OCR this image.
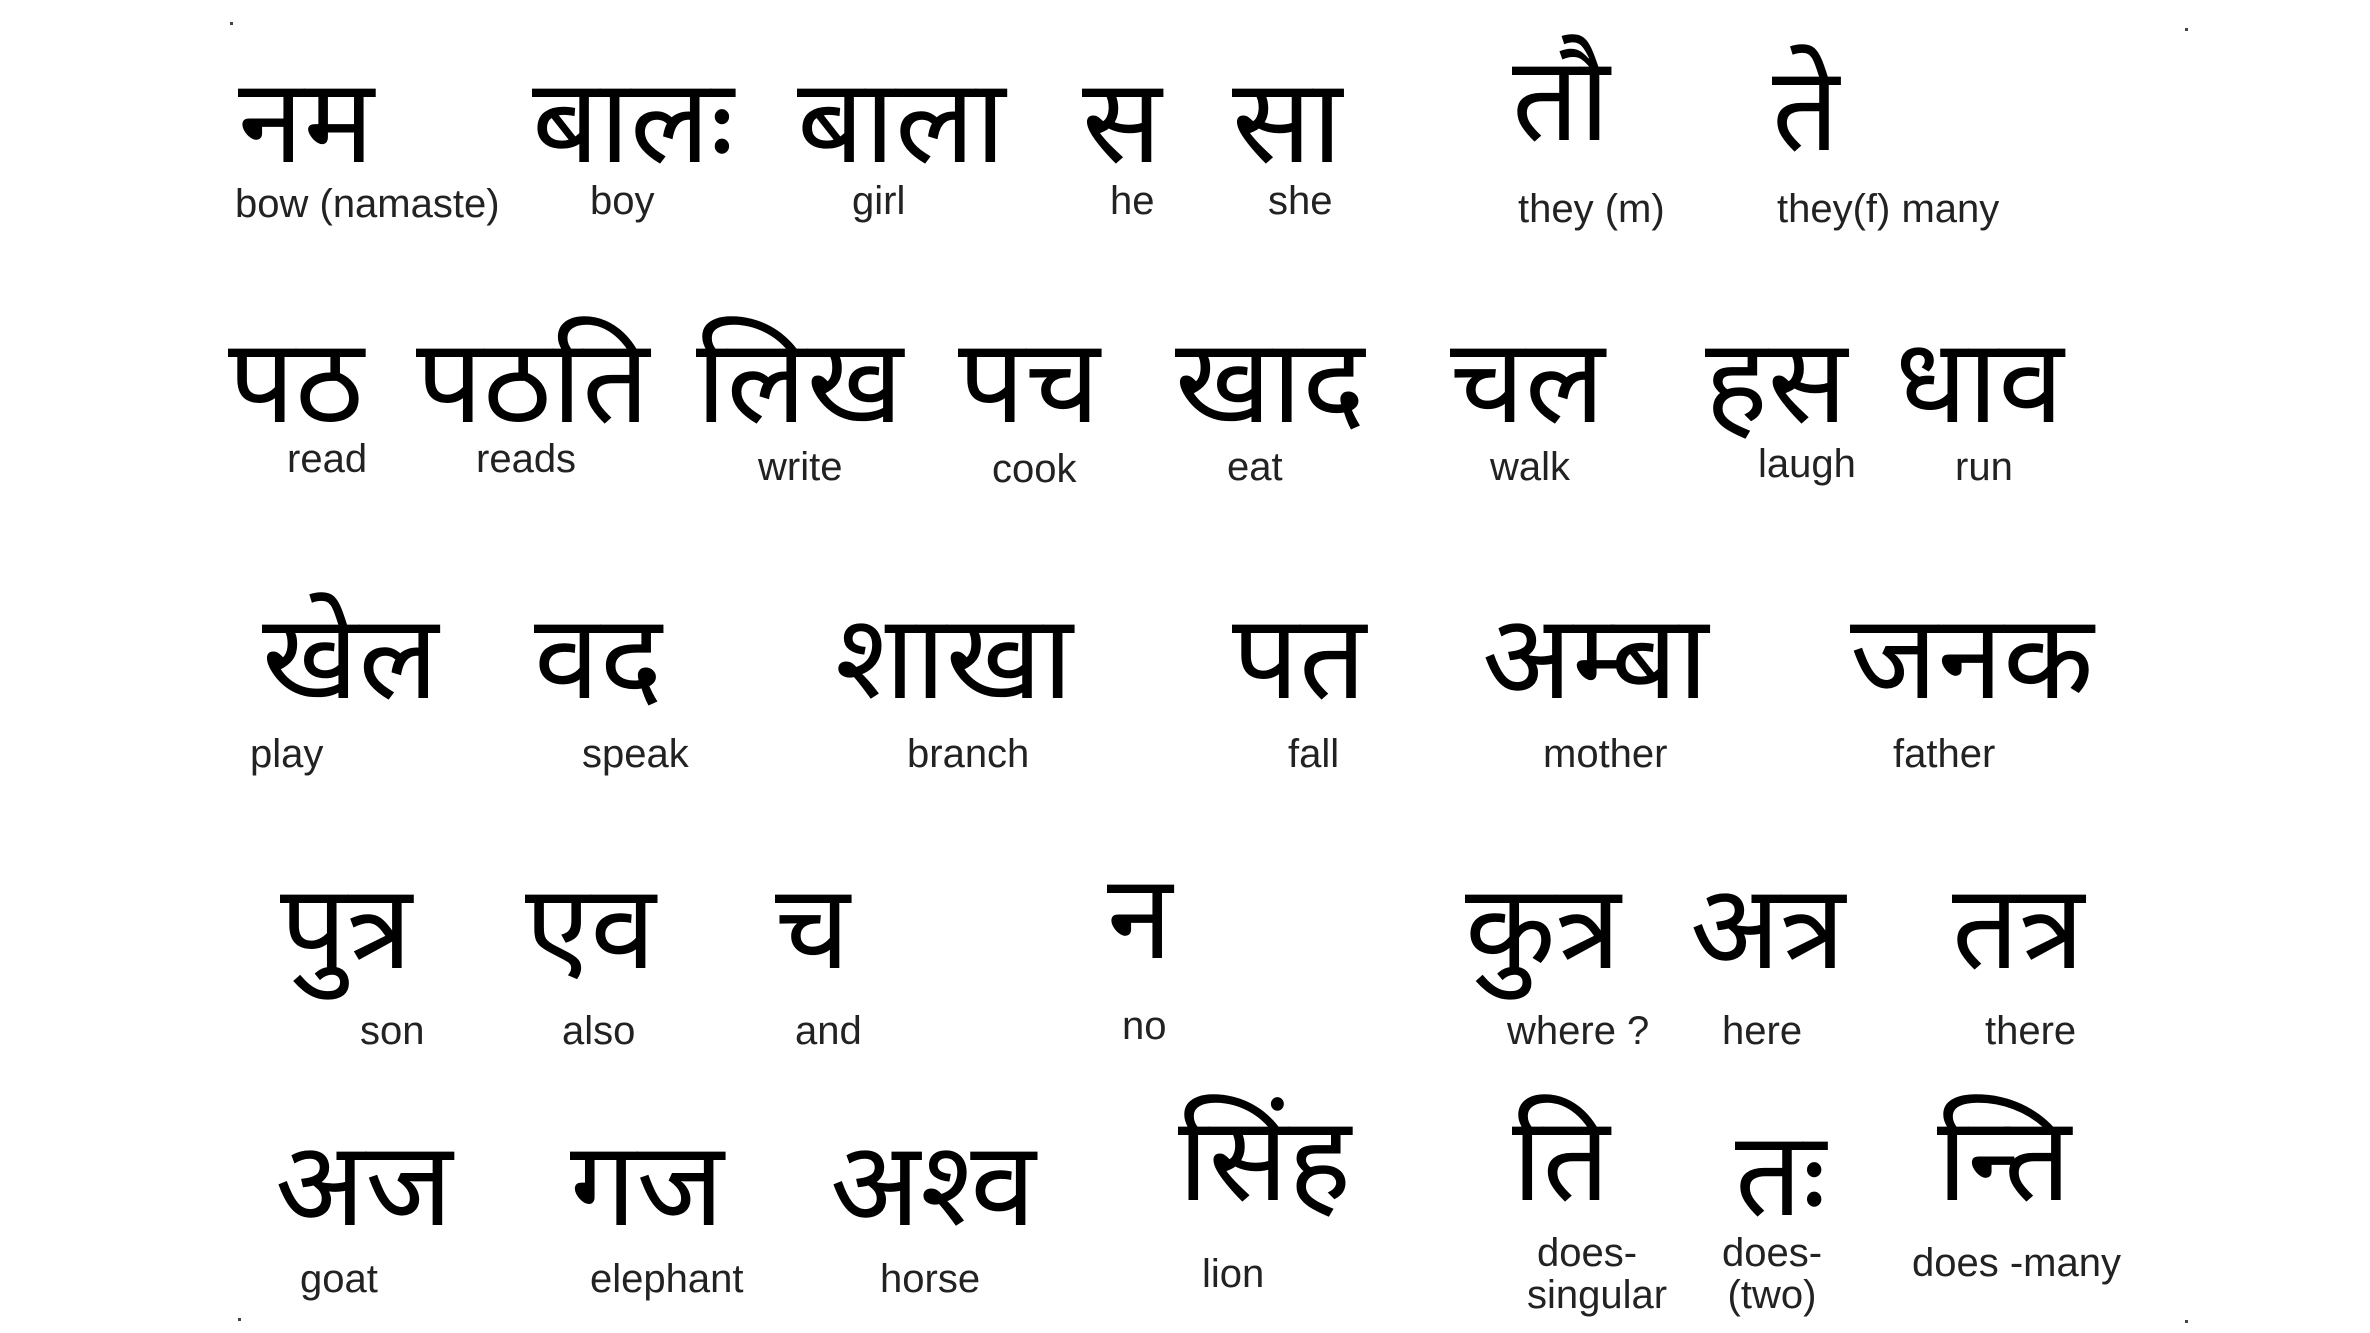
नम
bow (namaste)
बालः
boy
बाला
girl
स
he
सा
she
तौ
they (m)
ते
they(f) many
पठ
read
पठति
reads
लिख
write
पच
cook
खाद
eat
चल
walk
हस
laugh
धाव
run
खेल
play
वद
speak
शाखा
branch
पत
fall
अम्बा
mother
जनक
father
पुत्र
son
एव
also
च
and
न
no
कुत्र
where ?
अत्र
here
तत्र
there
अज
goat
गज
elephant
अश्व
horse
सिंह
lion
ति
does- singular
तः
does- (two)
न्ति
does -many
